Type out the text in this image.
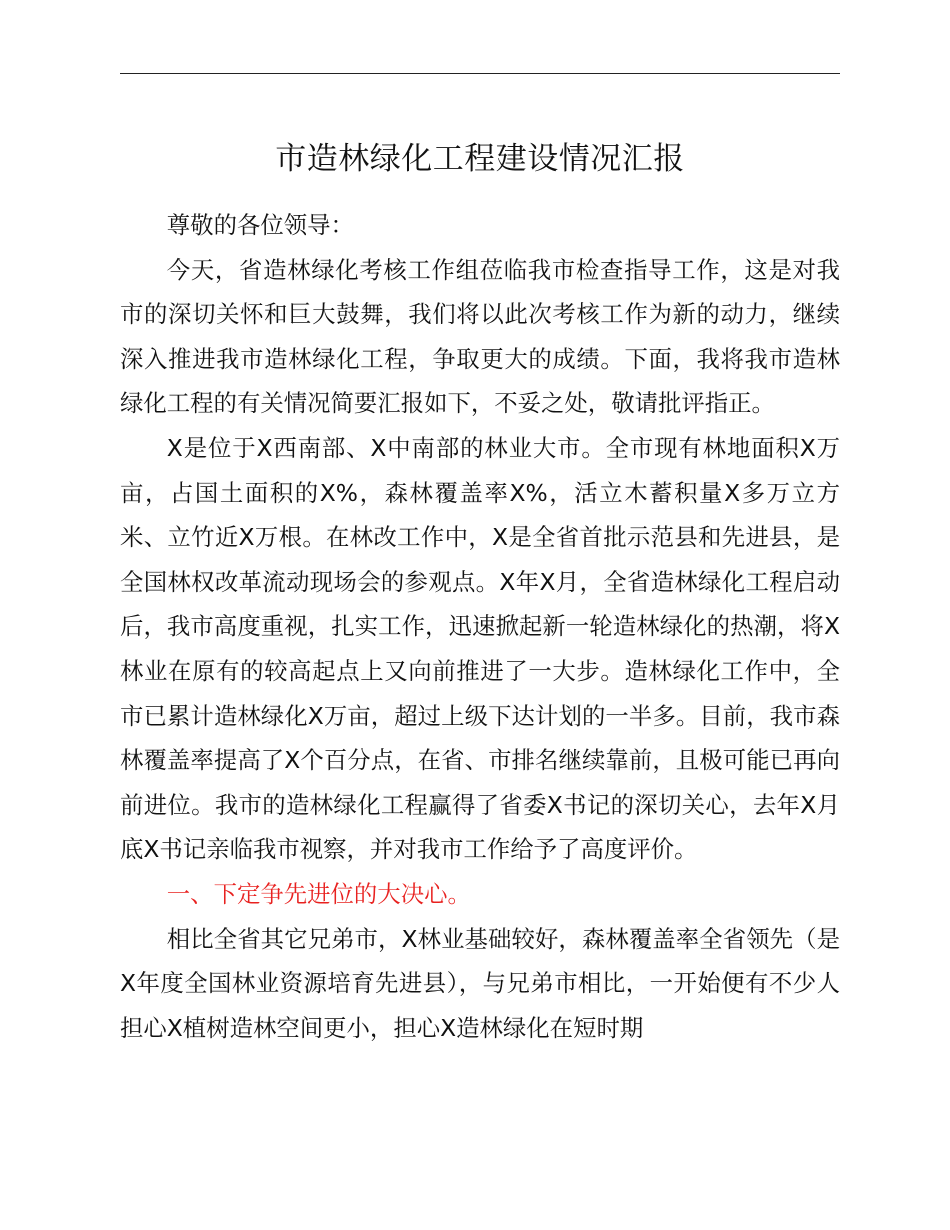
市造林绿化工程建设情况汇报

尊敬的各位领导：

今天，省造林绿化考核工作组莅临我市检查指导工作，这是对我市的深切关怀和巨大鼓舞，我们将以此次考核工作为新的动力，继续深入推进我市造林绿化工程，争取更大的成绩。下面，我将我市造林绿化工程的有关情况简要汇报如下，不妥之处，敬请批评指正。

X是位于X西南部、X中南部的林业大市。全市现有林地面积X万亩，占国土面积的X%，森林覆盖率X%，活立木蓄积量X多万立方米、立竹近X万根。在林改工作中，X是全省首批示范县和先进县，是全国林权改革流动现场会的参观点。X年X月，全省造林绿化工程启动后，我市高度重视，扎实工作，迅速掀起新一轮造林绿化的热潮，将X林业在原有的较高起点上又向前推进了一大步。造林绿化工作中，全市已累计造林绿化X万亩，超过上级下达计划的一半多。目前，我市森林覆盖率提高了X个百分点，在省、市排名继续靠前，且极可能已再向前进位。我市的造林绿化工程赢得了省委X书记的深切关心，去年X月底X书记亲临我市视察，并对我市工作给予了高度评价。

一、下定争先进位的大决心。

相比全省其它兄弟市，X林业基础较好，森林覆盖率全省领先（是X年度全国林业资源培育先进县），与兄弟市相比，一开始便有不少人担心X植树造林空间更小，担心X造林绿化在短时期
